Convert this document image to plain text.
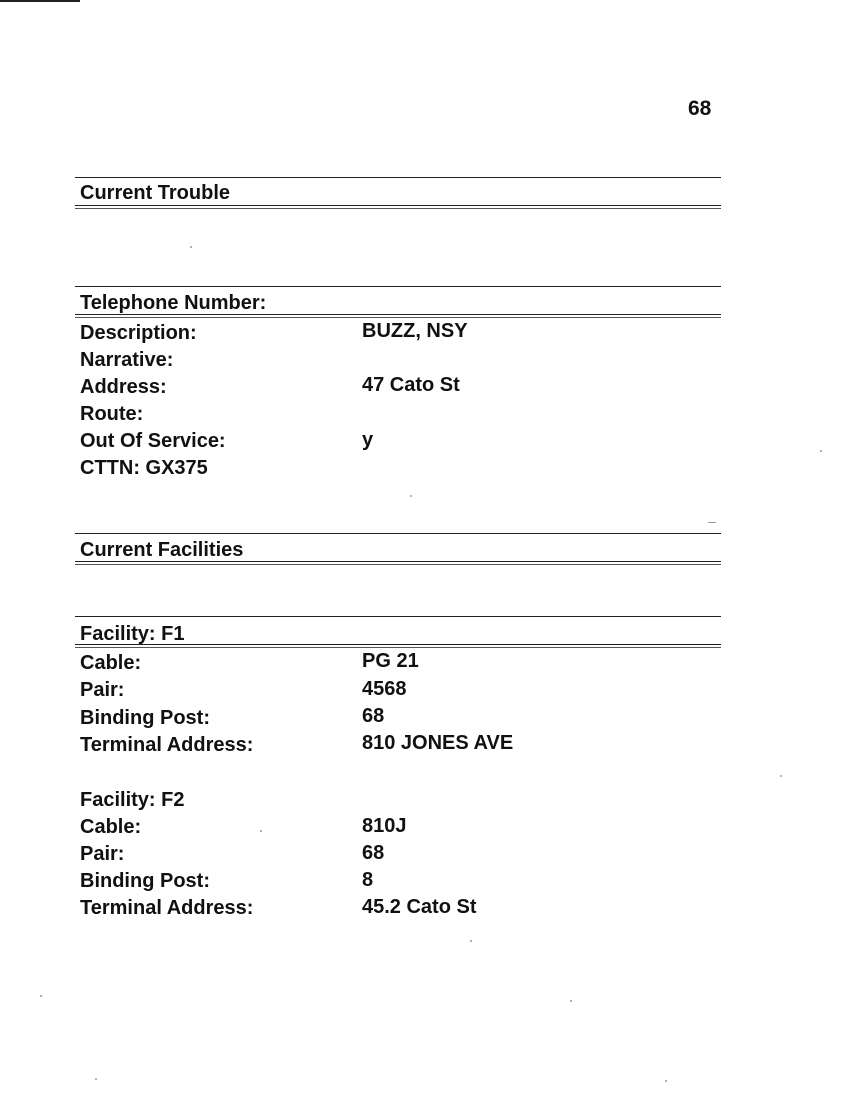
68
Current Trouble
Telephone Number:
Description:	BUZZ, NSY
Narrative:
Address:	47 Cato St
Route:
Out Of Service:	y
CTTN: GX375
Current Facilities
Facility: F1
Cable:	PG 21
Pair:	4568
Binding Post:	68
Terminal Address:	810 JONES AVE
Facility: F2
Cable:	810J
Pair:	68
Binding Post:	8
Terminal Address:	45.2 Cato St
